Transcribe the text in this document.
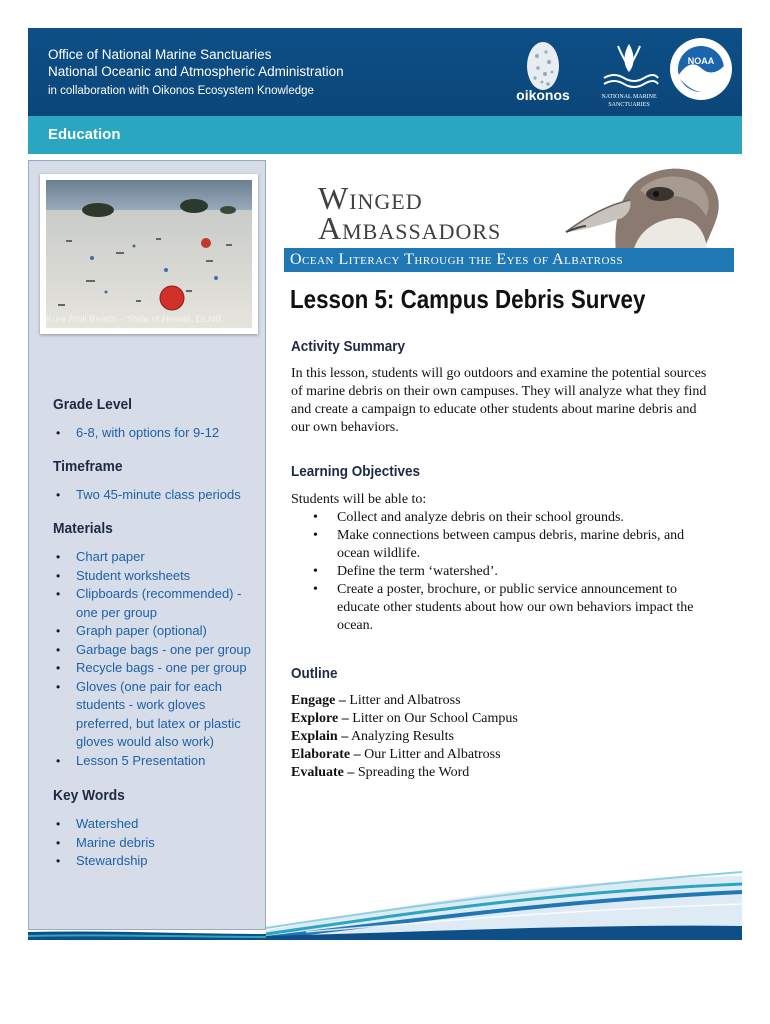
Office of National Marine Sanctuaries
National Oceanic and Atmospheric Administration
in collaboration with Oikonos Ecosystem Knowledge	oikonos	NATIONAL MARINE
SANCTUARIES
NOAA
Education
Kure Atoll Beach – State of Hawaii, DLNR
Grade Level
• 6-8, with options for 9-12
Timeframe
• Two 45-minute class periods
Materials
• Chart paper
• Student worksheets
• Clipboards (recommended) - one per group
• Graph paper (optional)
• Garbage bags - one per group
• Recycle bags - one per group
• Gloves (one pair for each students - work gloves preferred, but latex or plastic gloves would also work)
• Lesson 5 Presentation
Key Words
• Watershed
• Marine debris
• Stewardship
Winged
Ambassadors
Ocean Literacy Through the Eyes of Albatross
Lesson 5: Campus Debris Survey
Activity Summary
In this lesson, students will go outdoors and examine the potential sources of marine debris on their own campuses. They will analyze what they find and create a campaign to educate other students about marine debris and our own behaviors.
Learning Objectives
Students will be able to:
• Collect and analyze debris on their school grounds.
• Make connections between campus debris, marine debris, and ocean wildlife.
• Define the term ‘watershed’.
• Create a poster, brochure, or public service announcement to educate other students about how our own behaviors impact the ocean.
Outline
Engage – Litter and Albatross
Explore – Litter on Our School Campus
Explain – Analyzing Results
Elaborate – Our Litter and Albatross
Evaluate – Spreading the Word
